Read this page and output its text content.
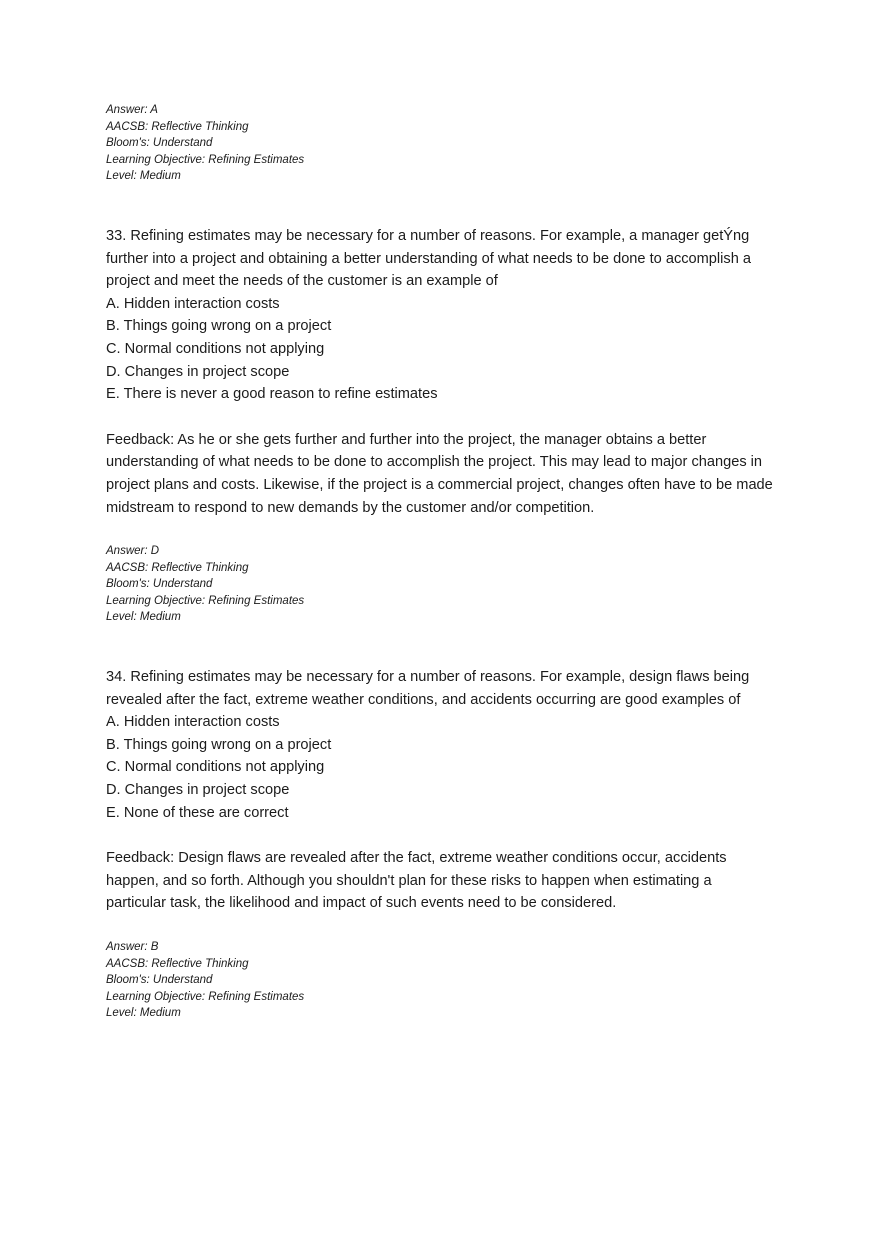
Answer: A
AACSB: Reflective Thinking
Bloom's: Understand
Learning Objective: Refining Estimates
Level: Medium

33. Refining estimates may be necessary for a number of reasons. For example, a manager getÝng further into a project and obtaining a better understanding of what needs to be done to accomplish a project and meet the needs of the customer is an example of

A. Hidden interaction costs
B. Things going wrong on a project
C. Normal conditions not applying
D. Changes in project scope
E. There is never a good reason to refine estimates

Feedback: As he or she gets further and further into the project, the manager obtains a better understanding of what needs to be done to accomplish the project. This may lead to major changes in project plans and costs. Likewise, if the project is a commercial project, changes often have to be made midstream to respond to new demands by the customer and/or competition.

Answer: D
AACSB: Reflective Thinking
Bloom's: Understand
Learning Objective: Refining Estimates
Level: Medium

34. Refining estimates may be necessary for a number of reasons. For example, design flaws being revealed after the fact, extreme weather conditions, and accidents occurring are good examples of

A. Hidden interaction costs
B. Things going wrong on a project
C. Normal conditions not applying
D. Changes in project scope
E. None of these are correct

Feedback: Design flaws are revealed after the fact, extreme weather conditions occur, accidents happen, and so forth. Although you shouldn't plan for these risks to happen when estimating a particular task, the likelihood and impact of such events need to be considered.

Answer: B
AACSB: Reflective Thinking
Bloom's: Understand
Learning Objective: Refining Estimates
Level: Medium
